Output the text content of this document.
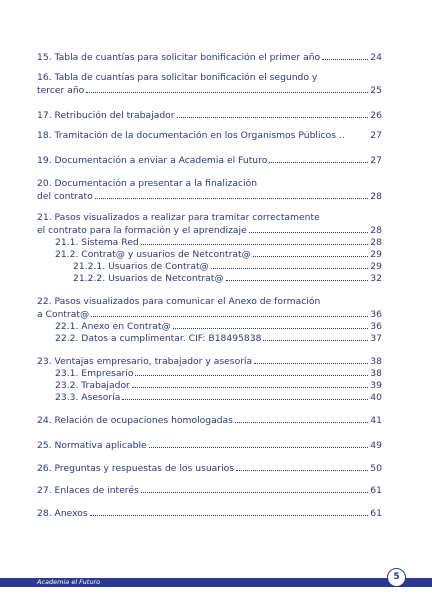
15. Tabla de cuantías para solicitar bonificación el primer año	24
16. Tabla de cuantías para solicitar bonificación el segundo y
tercer año	25
17. Retribución del trabajador	26
18. Tramitación de la documentación en los Organismos Públicos ..	27
19. Documentación a enviar a Academia el Futuro	27
20. Documentación a presentar a la finalización
del contrato	28
21. Pasos visualizados a realizar para tramitar correctamente
el contrato para la formación y el aprendizaje	28
21.1. Sistema Red	28
21.2. Contrat@ y usuarios de Netcontrat@	29
21.2.1. Usuarios de Contrat@	29
21.2.2. Usuarios de Netcontrat@	32
22. Pasos visualizados para comunicar el Anexo de formación
a Contrat@	36
22.1. Anexo en Contrat@	36
22.2. Datos a cumplimentar. CIF: B18495838	37
23. Ventajas empresario, trabajador y asesoría	38
23.1. Empresario	38
23.2. Trabajador	39
23.3. Asesoría	40
24. Relación de ocupaciones homologadas	41
25. Normativa aplicable	49
26. Preguntas y respuestas de los usuarios	50
27. Enlaces de interés	61
28. Anexos	61
Academia el Futuro	5
